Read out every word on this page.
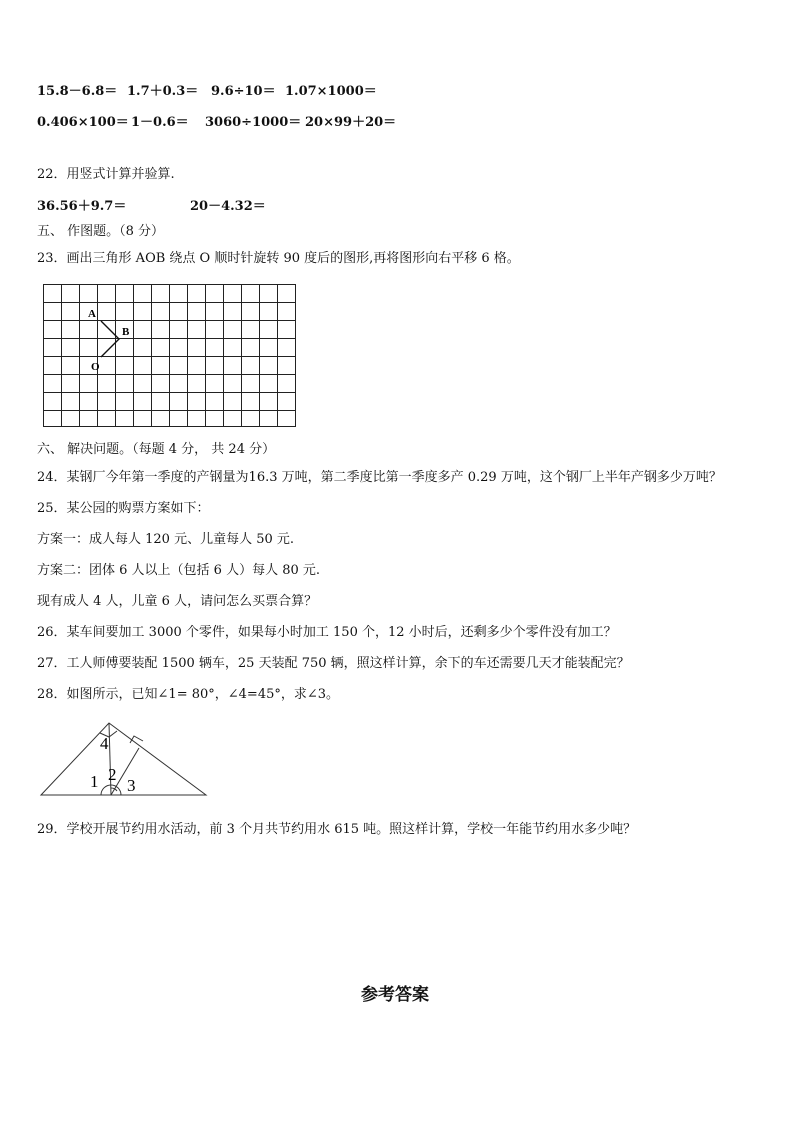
15.8－6.8＝ 1.7＋0.3＝ 9.6÷10＝ 1.07×1000＝
0.406×100＝ 1－0.6＝ 3060÷1000＝ 20×99＋20＝
22．用竖式计算并验算.
36.56＋9.7＝	20－4.32＝
五、 作图题。（8 分）
23．画出三角形 AOB 绕点 O 顺时针旋转 90 度后的图形,再将图形向右平移 6 格。
A
B
O
六、 解决问题。（每题 4 分， 共 24 分）
24．某钢厂今年第一季度的产钢量为16.3 万吨，第二季度比第一季度多产 0.29 万吨，这个钢厂上半年产钢多少万吨？
25．某公园的购票方案如下：
方案一：成人每人 120 元、儿童每人 50 元.
方案二：团体 6 人以上（包括 6 人）每人 80 元.
现有成人 4 人，儿童 6 人，请问怎么买票合算？
26．某车间要加工 3000 个零件，如果每小时加工 150 个，12 小时后，还剩多少个零件没有加工？
27．工人师傅要装配 1500 辆车，25 天装配 750 辆，照这样计算，余下的车还需要几天才能装配完？
28．如图所示，已知∠1= 80°，∠4=45°，求∠3。
4
1 2
3
29．学校开展节约用水活动，前 3 个月共节约用水 615 吨。照这样计算，学校一年能节约用水多少吨？
参考答案
